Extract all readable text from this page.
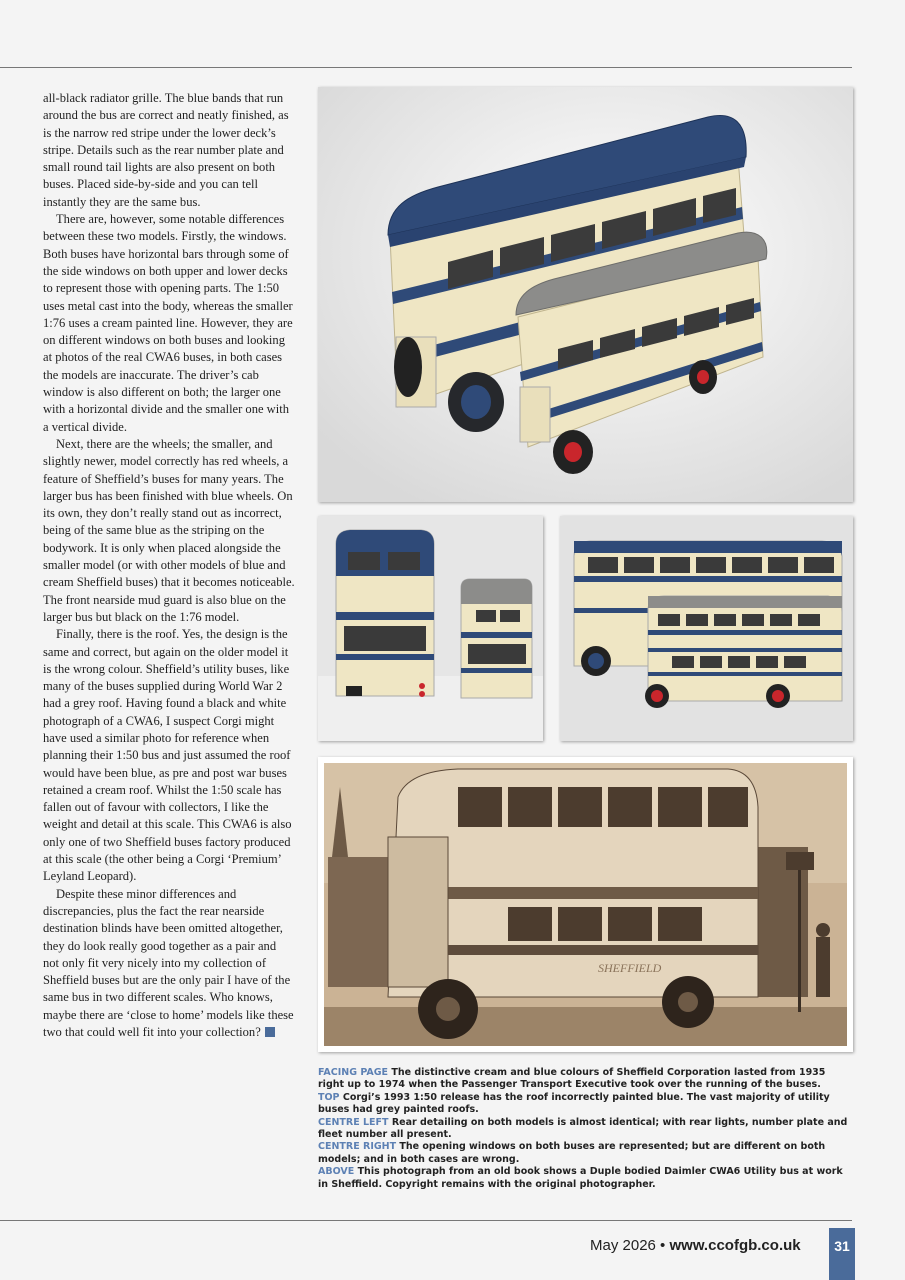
all-black radiator grille. The blue bands that run around the bus are correct and neatly finished, as is the narrow red stripe under the lower deck’s stripe. Details such as the rear number plate and small round tail lights are also present on both buses. Placed side-by-side and you can tell instantly they are the same bus.

There are, however, some notable differences between these two models. Firstly, the windows. Both buses have horizontal bars through some of the side windows on both upper and lower decks to represent those with opening parts. The 1:50 uses metal cast into the body, whereas the smaller 1:76 uses a cream painted line. However, they are on different windows on both buses and looking at photos of the real CWA6 buses, in both cases the models are inaccurate. The driver’s cab window is also different on both; the larger one with a horizontal divide and the smaller one with a vertical divide.

Next, there are the wheels; the smaller, and slightly newer, model correctly has red wheels, a feature of Sheffield’s buses for many years. The larger bus has been finished with blue wheels. On its own, they don’t really stand out as incorrect, being of the same blue as the striping on the bodywork. It is only when placed alongside the smaller model (or with other models of blue and cream Sheffield buses) that it becomes noticeable. The front nearside mud guard is also blue on the larger bus but black on the 1:76 model.

Finally, there is the roof. Yes, the design is the same and correct, but again on the older model it is the wrong colour. Sheffield’s utility buses, like many of the buses supplied during World War 2 had a grey roof. Having found a black and white photograph of a CWA6, I suspect Corgi might have used a similar photo for reference when planning their 1:50 bus and just assumed the roof would have been blue, as pre and post war buses retained a cream roof. Whilst the 1:50 scale has fallen out of favour with collectors, I like the weight and detail at this scale. This CWA6 is also only one of two Sheffield buses factory produced at this scale (the other being a Corgi ‘Premium’ Leyland Leopard).

Despite these minor differences and discrepancies, plus the fact the rear nearside destination blinds have been omitted altogether, they do look really good together as a pair and not only fit very nicely into my collection of Sheffield buses but are the only pair I have of the same bus in two different scales. Who knows, maybe there are ‘close to home’ models like these two that could well fit into your collection?

SHEFFIELD

FACING PAGE The distinctive cream and blue colours of Sheffield Corporation lasted from 1935 right up to 1974 when the Passenger Transport Executive took over the running of the buses.

TOP Corgi’s 1993 1:50 release has the roof incorrectly painted blue. The vast majority of utility buses had grey painted roofs.

CENTRE LEFT Rear detailing on both models is almost identical; with rear lights, number plate and fleet number all present.

CENTRE RIGHT The opening windows on both buses are represented; but are different on both models; and in both cases are wrong.

ABOVE This photograph from an old book shows a Duple bodied Daimler CWA6 Utility bus at work in Sheffield. Copyright remains with the original photographer.

May 2026 • www.ccofgb.co.uk	31
